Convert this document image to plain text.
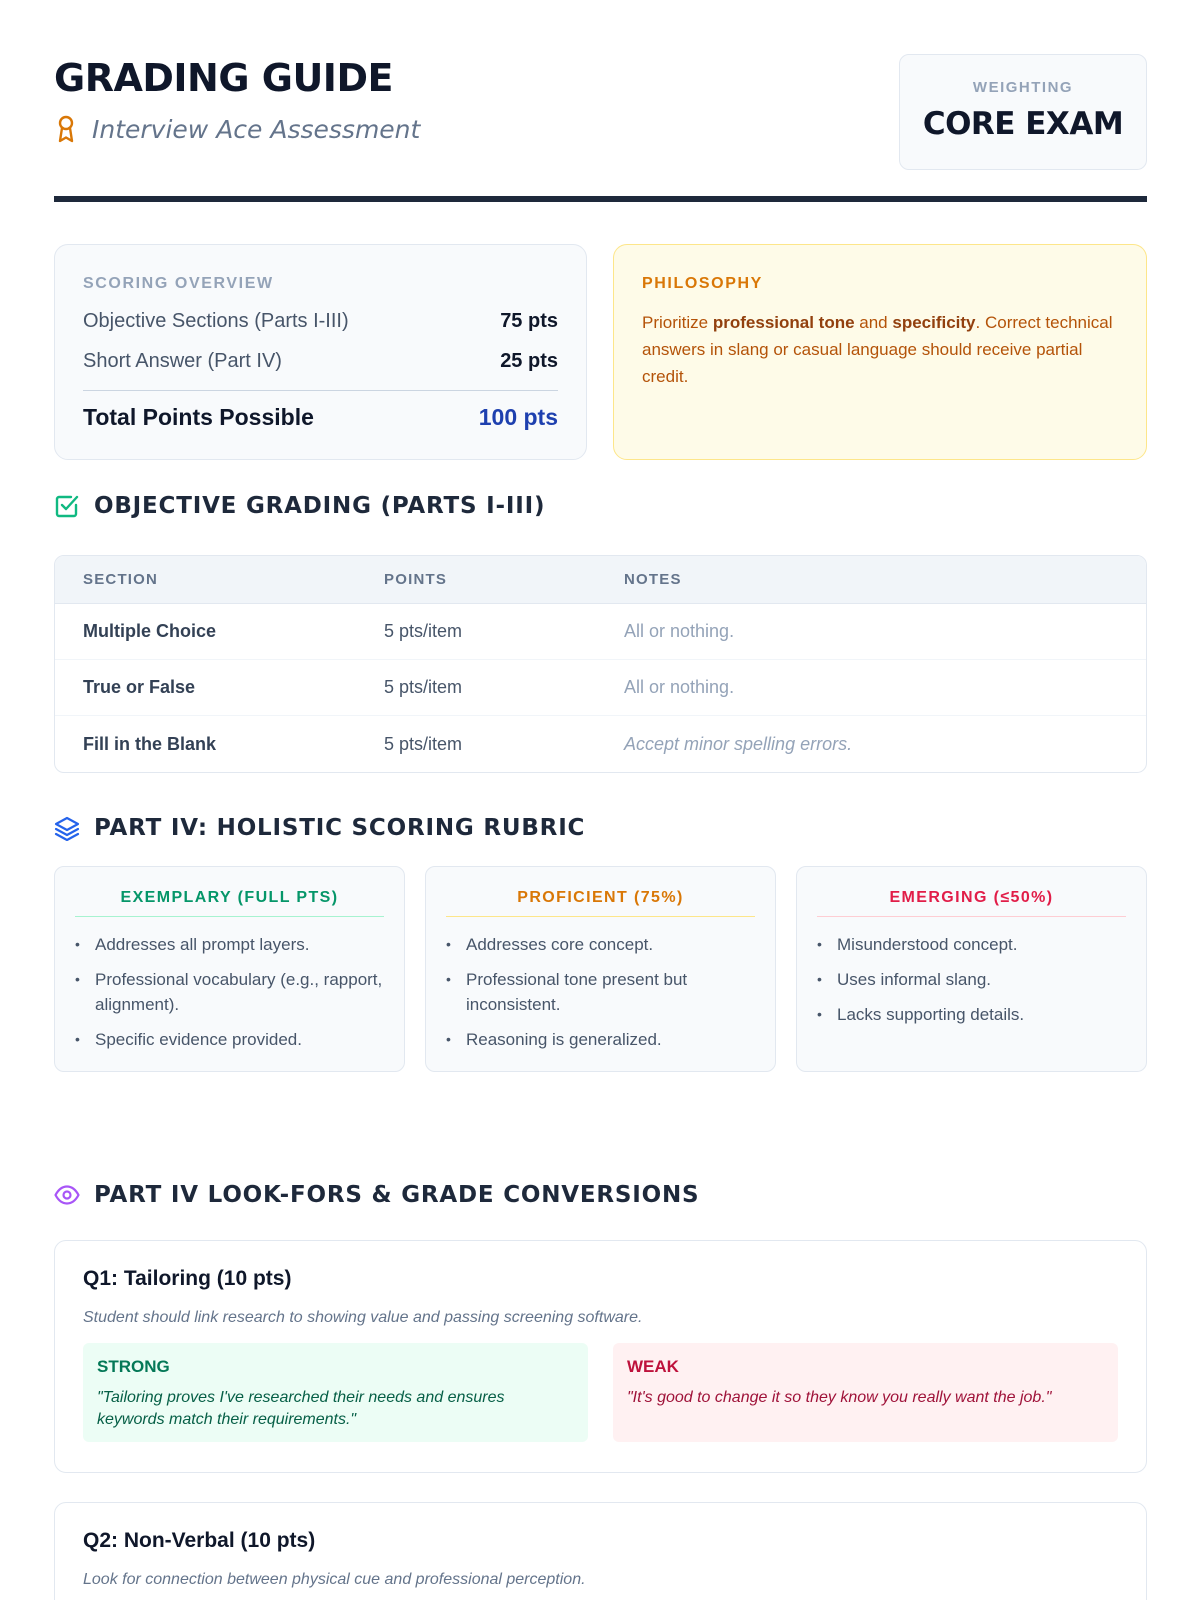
GRADING GUIDE
Interview Ace Assessment
WEIGHTING
CORE EXAM
SCORING OVERVIEW
Objective Sections (Parts I-III)	75 pts
Short Answer (Part IV)	25 pts
Total Points Possible	100 pts
PHILOSOPHY
Prioritize professional tone and specificity. Correct technical answers in slang or casual language should receive partial credit.
OBJECTIVE GRADING (PARTS I-III)
SECTION	POINTS	NOTES
Multiple Choice	5 pts/item	All or nothing.
True or False	5 pts/item	All or nothing.
Fill in the Blank	5 pts/item	Accept minor spelling errors.
PART IV: HOLISTIC SCORING RUBRIC
EXEMPLARY (FULL PTS)
• Addresses all prompt layers.
• Professional vocabulary (e.g., rapport, alignment).
• Specific evidence provided.
PROFICIENT (75%)
• Addresses core concept.
• Professional tone present but inconsistent.
• Reasoning is generalized.
EMERGING (≤50%)
• Misunderstood concept.
• Uses informal slang.
• Lacks supporting details.
PART IV LOOK-FORS & GRADE CONVERSIONS
Q1: Tailoring (10 pts)
Student should link research to showing value and passing screening software.
STRONG
"Tailoring proves I've researched their needs and ensures keywords match their requirements."
WEAK
"It's good to change it so they know you really want the job."
Q2: Non-Verbal (10 pts)
Look for connection between physical cue and professional perception.
